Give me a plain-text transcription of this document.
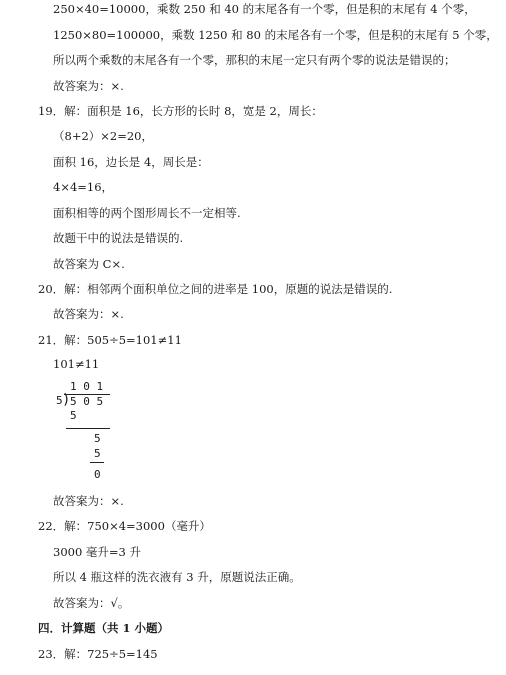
250×40=10000，乘数 250 和 40 的末尾各有一个零，但是积的末尾有 4 个零，
1250×80=100000，乘数 1250 和 80 的末尾各有一个零，但是积的末尾有 5 个零，
所以两个乘数的末尾各有一个零，那积的末尾一定只有两个零的说法是错误的；
故答案为：×.
19．解：面积是 16，长方形的长时 8，宽是 2，周长：
（8+2）×2=20，
面积 16，边长是 4，周长是：
4×4=16，
面积相等的两个图形周长不一定相等.
故题干中的说法是错误的.
故答案为 C×.
20．解：相邻两个面积单位之间的进率是 100，原题的说法是错误的.
故答案为：×.
21．解：505÷5=101≠11
101≠11
1 0 1
5 ) 5 0 5
5
5
5
0
故答案为：×.
22．解：750×4=3000（毫升）
3000 毫升=3 升
所以 4 瓶这样的洗衣液有 3 升，原题说法正确。
故答案为：√。
四．计算题（共 1 小题）
23．解：725÷5=145
